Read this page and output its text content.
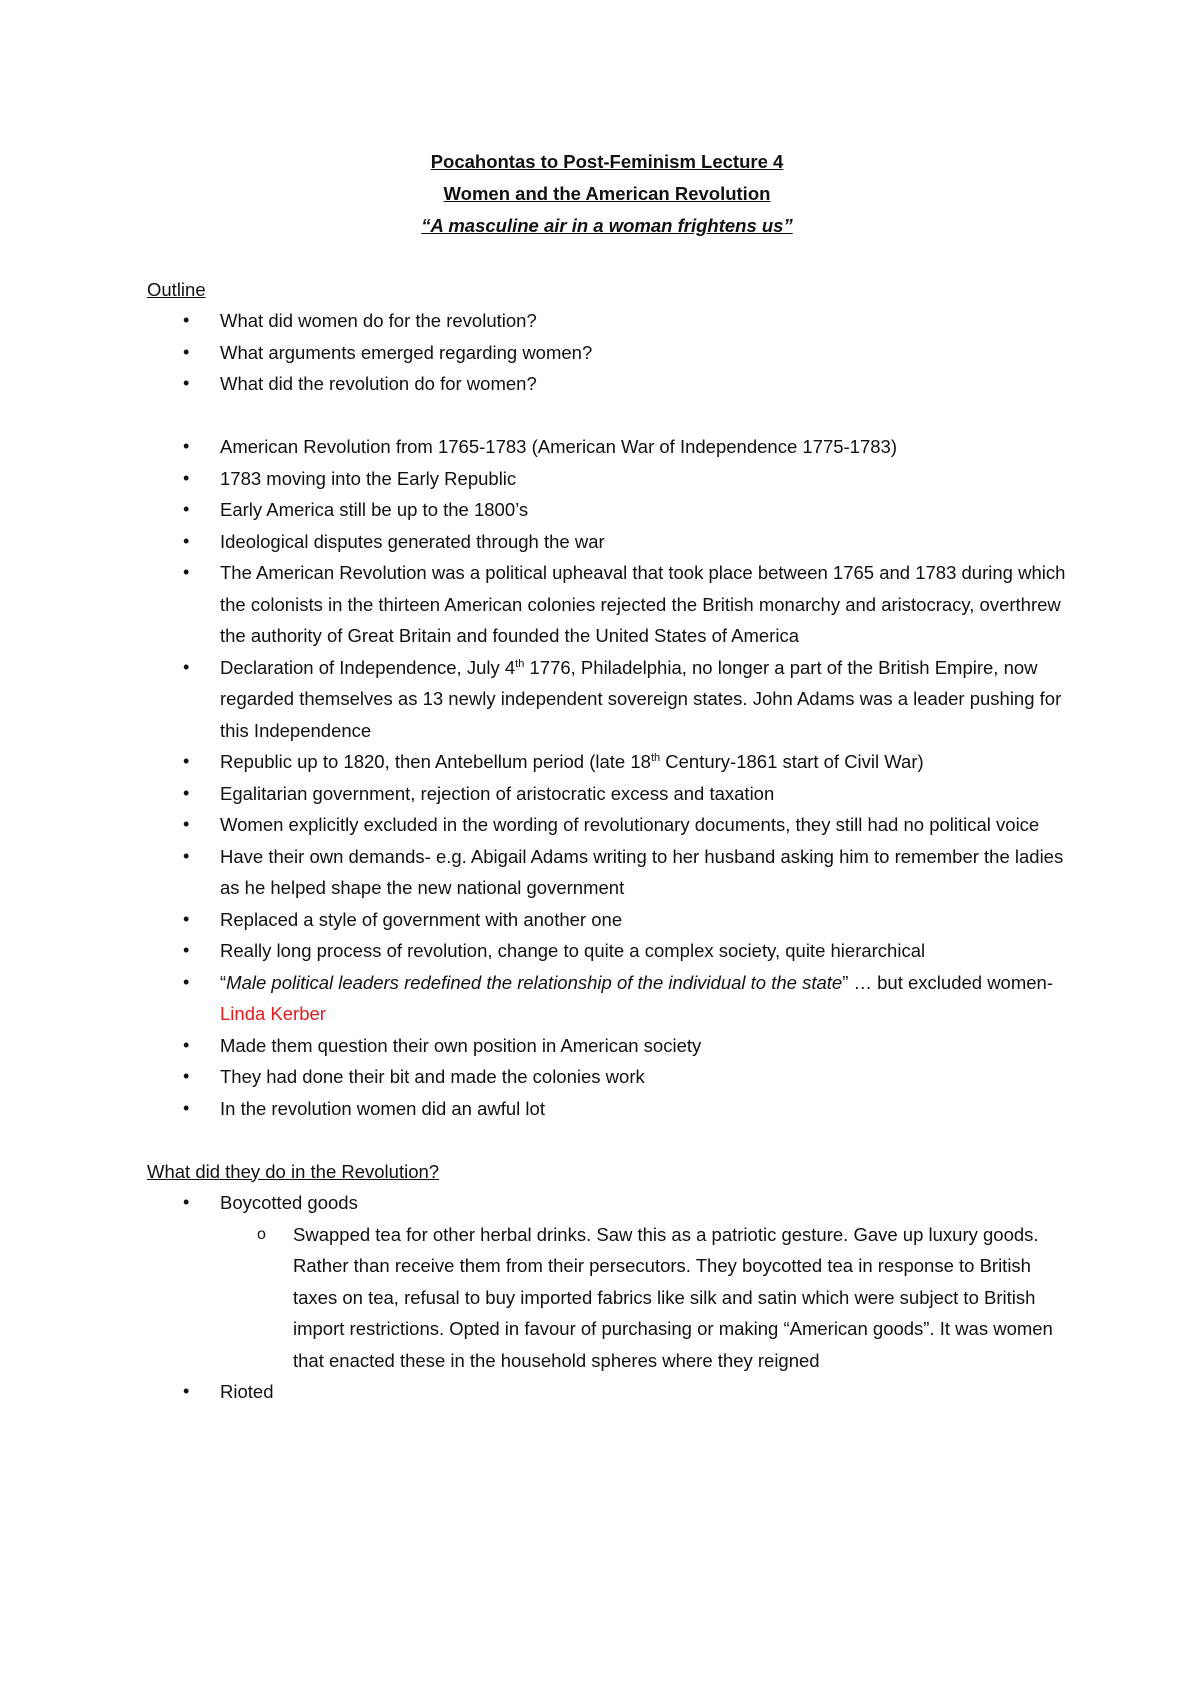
Pocahontas to Post-Feminism Lecture 4
Women and the American Revolution
“A masculine air in a woman frightens us”
Outline
• What did women do for the revolution?
• What arguments emerged regarding women?
• What did the revolution do for women?
• American Revolution from 1765-1783 (American War of Independence 1775-1783)
• 1783 moving into the Early Republic
• Early America still be up to the 1800’s
• Ideological disputes generated through the war
• The American Revolution was a political upheaval that took place between 1765 and 1783 during which the colonists in the thirteen American colonies rejected the British monarchy and aristocracy, overthrew the authority of Great Britain and founded the United States of America
• Declaration of Independence, July 4th 1776, Philadelphia, no longer a part of the British Empire, now regarded themselves as 13 newly independent sovereign states. John Adams was a leader pushing for this Independence
• Republic up to 1820, then Antebellum period (late 18th Century-1861 start of Civil War)
• Egalitarian government, rejection of aristocratic excess and taxation
• Women explicitly excluded in the wording of revolutionary documents, they still had no political voice
• Have their own demands- e.g. Abigail Adams writing to her husband asking him to remember the ladies as he helped shape the new national government
• Replaced a style of government with another one
• Really long process of revolution, change to quite a complex society, quite hierarchical
• “Male political leaders redefined the relationship of the individual to the state” … but excluded women- Linda Kerber
• Made them question their own position in American society
• They had done their bit and made the colonies work
• In the revolution women did an awful lot
What did they do in the Revolution?
• Boycotted goods
o Swapped tea for other herbal drinks. Saw this as a patriotic gesture. Gave up luxury goods. Rather than receive them from their persecutors. They boycotted tea in response to British taxes on tea, refusal to buy imported fabrics like silk and satin which were subject to British import restrictions. Opted in favour of purchasing or making “American goods”. It was women that enacted these in the household spheres where they reigned
• Rioted
